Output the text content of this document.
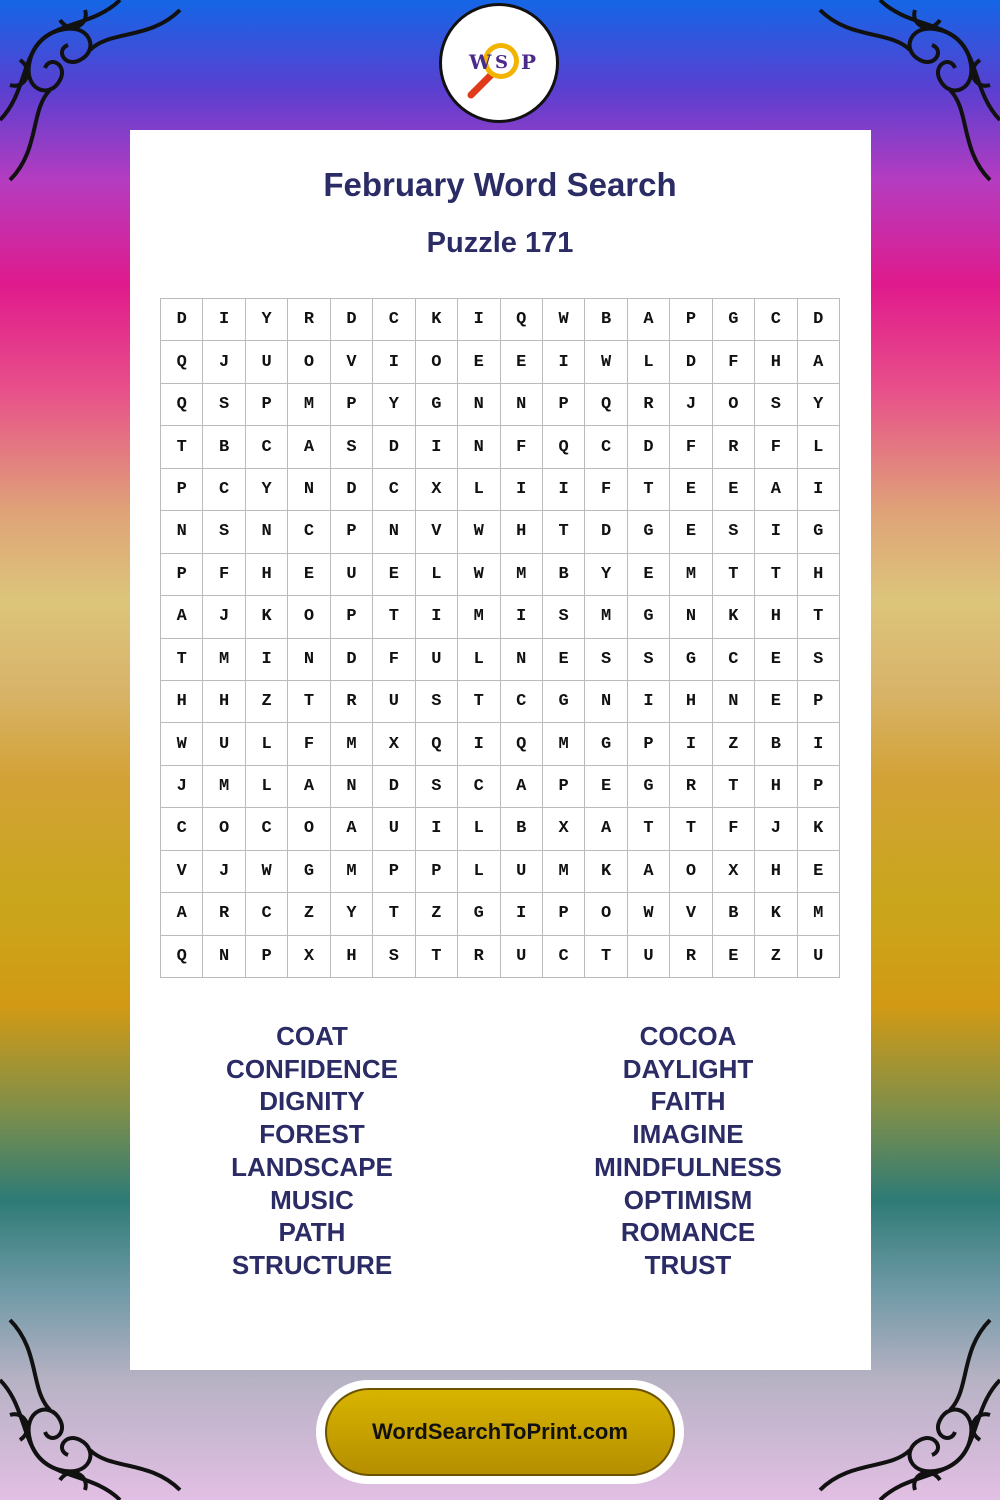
W S P
February Word Search
Puzzle 171
D	I	Y	R	D	C	K	I	Q	W	B	A	P	G	C	D
Q	J	U	O	V	I	O	E	E	I	W	L	D	F	H	A
Q	S	P	M	P	Y	G	N	N	P	Q	R	J	O	S	Y
T	B	C	A	S	D	I	N	F	Q	C	D	F	R	F	L
P	C	Y	N	D	C	X	L	I	I	F	T	E	E	A	I
N	S	N	C	P	N	V	W	H	T	D	G	E	S	I	G
P	F	H	E	U	E	L	W	M	B	Y	E	M	T	T	H
A	J	K	O	P	T	I	M	I	S	M	G	N	K	H	T
T	M	I	N	D	F	U	L	N	E	S	S	G	C	E	S
H	H	Z	T	R	U	S	T	C	G	N	I	H	N	E	P
W	U	L	F	M	X	Q	I	Q	M	G	P	I	Z	B	I
J	M	L	A	N	D	S	C	A	P	E	G	R	T	H	P
C	O	C	O	A	U	I	L	B	X	A	T	T	F	J	K
V	J	W	G	M	P	P	L	U	M	K	A	O	X	H	E
A	R	C	Z	Y	T	Z	G	I	P	O	W	V	B	K	M
Q	N	P	X	H	S	T	R	U	C	T	U	R	E	Z	U
COAT
CONFIDENCE
DIGNITY
FOREST
LANDSCAPE
MUSIC
PATH
STRUCTURE
COCOA
DAYLIGHT
FAITH
IMAGINE
MINDFULNESS
OPTIMISM
ROMANCE
TRUST
WordSearchToPrint.com
